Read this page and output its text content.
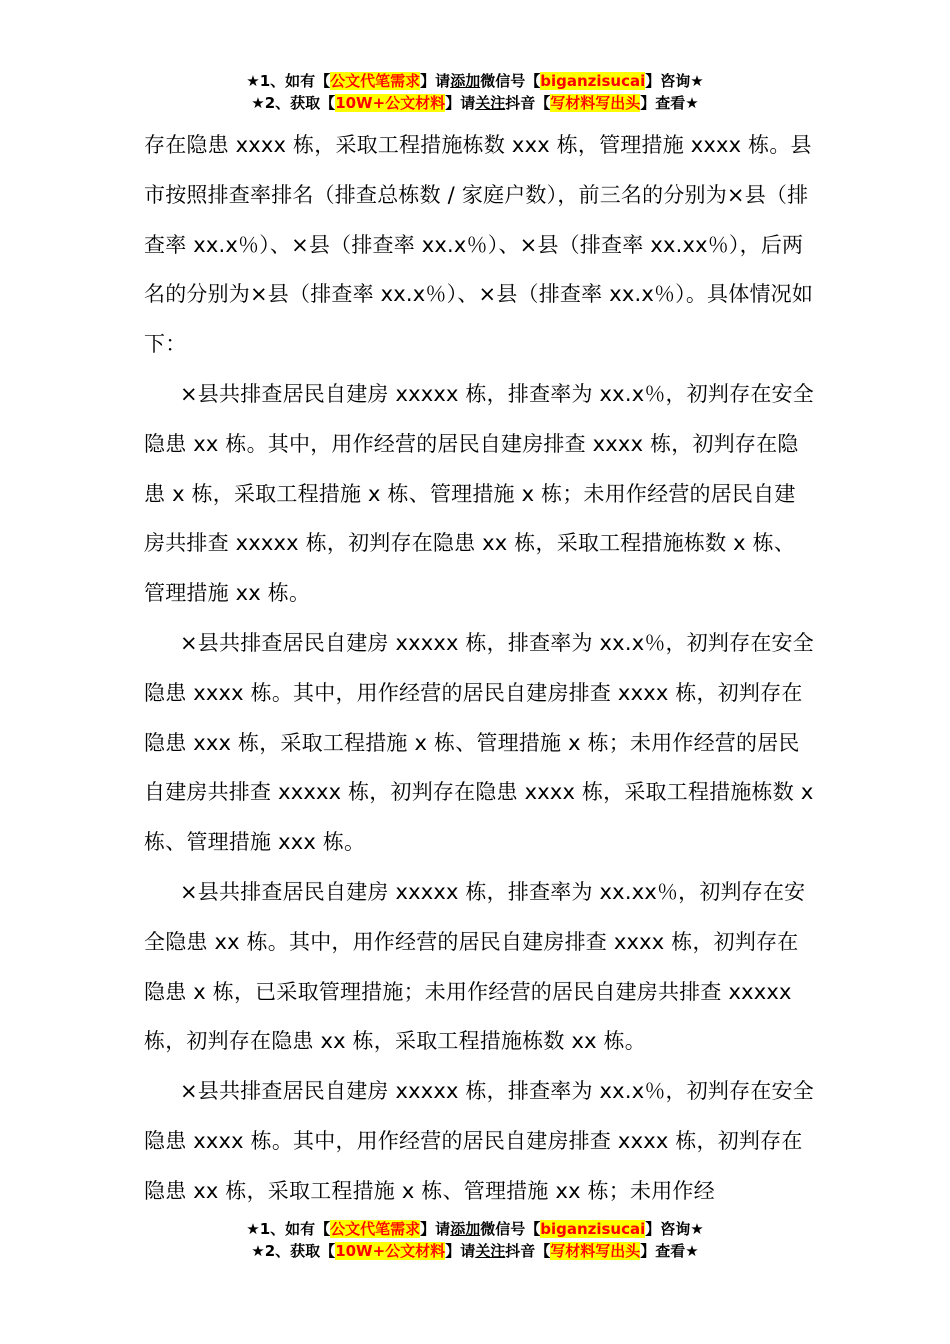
★1、如有【公文代笔需求】请添加微信号【biganzisucai】咨询★
★2、获取【10W+公文材料】请关注抖音【写材料写出头】查看★

存在隐患 xxxx 栋，采取工程措施栋数 xxx 栋，管理措施 xxxx 栋。县市按照排查率排名（排查总栋数 / 家庭户数），前三名的分别为×县（排查率 xx.x％）、×县（排查率 xx.x％）、×县（排查率 xx.xx％），后两名的分别为×县（排查率 xx.x％）、×县（排查率 xx.x％）。具体情况如下：

×县共排查居民自建房 xxxxx 栋，排查率为 xx.x％，初判存在安全隐患 xx 栋。其中，用作经营的居民自建房排查 xxxx 栋，初判存在隐患 x 栋，采取工程措施 x 栋、管理措施 x 栋；未用作经营的居民自建房共排查 xxxxx 栋，初判存在隐患 xx 栋，采取工程措施栋数 x 栋、管理措施 xx 栋。

×县共排查居民自建房 xxxxx 栋，排查率为 xx.x％，初判存在安全隐患 xxxx 栋。其中，用作经营的居民自建房排查 xxxx 栋，初判存在隐患 xxx 栋，采取工程措施 x 栋、管理措施 x 栋；未用作经营的居民自建房共排查 xxxxx 栋，初判存在隐患 xxxx 栋，采取工程措施栋数 x 栋、管理措施 xxx 栋。

×县共排查居民自建房 xxxxx 栋，排查率为 xx.xx％，初判存在安全隐患 xx 栋。其中，用作经营的居民自建房排查 xxxx 栋，初判存在隐患 x 栋，已采取管理措施；未用作经营的居民自建房共排查 xxxxx 栋，初判存在隐患 xx 栋，采取工程措施栋数 xx 栋。

×县共排查居民自建房 xxxxx 栋，排查率为 xx.x％，初判存在安全隐患 xxxx 栋。其中，用作经营的居民自建房排查 xxxx 栋，初判存在隐患 xx 栋，采取工程措施 x 栋、管理措施 xx 栋；未用作经

★1、如有【公文代笔需求】请添加微信号【biganzisucai】咨询★
★2、获取【10W+公文材料】请关注抖音【写材料写出头】查看★
